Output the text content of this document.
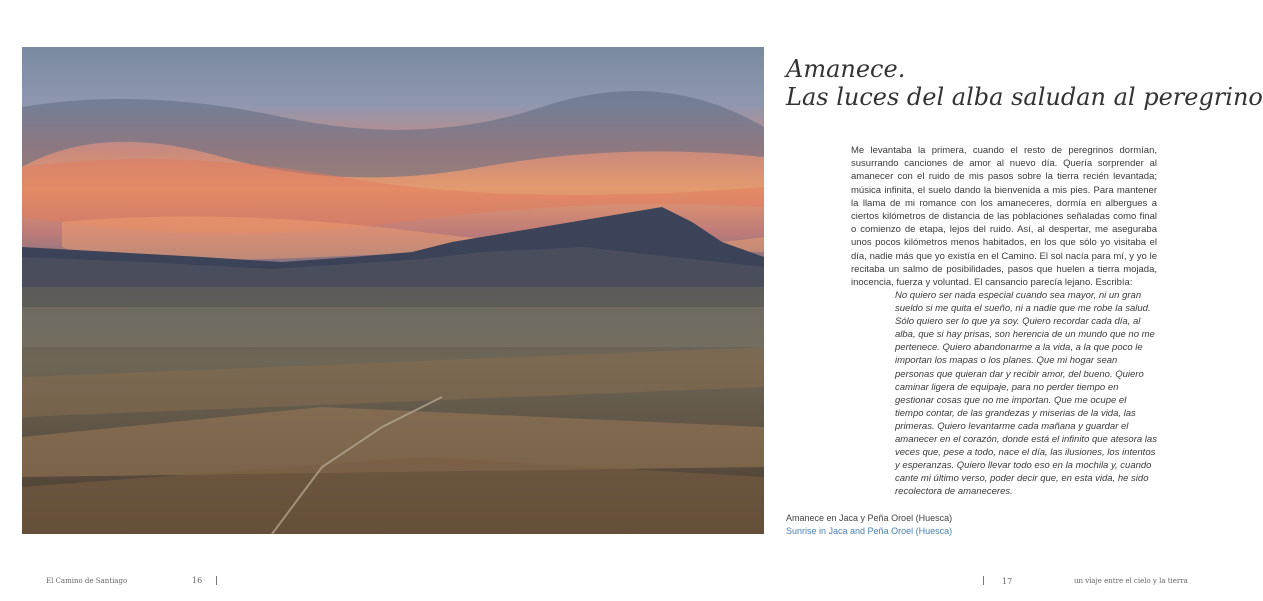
Amanece.
Las luces del alba saludan al peregrino
Me levantaba la primera, cuando el resto de peregrinos dormían, susurrando canciones de amor al nuevo día. Quería sorprender al amanecer con el ruido de mis pasos sobre la tierra recién levantada; música infinita, el suelo dando la bienvenida a mis pies. Para mantener la llama de mi romance con los amaneceres, dormía en albergues a ciertos kilómetros de distancia de las poblaciones señaladas como final o comienzo de etapa, lejos del ruido. Así, al despertar, me aseguraba unos pocos kilómetros menos habitados, en los que sólo yo visitaba el día, nadie más que yo existía en el Camino. El sol nacía para mí, y yo le recitaba un salmo de posibilidades, pasos que huelen a tierra mojada, inocencia, fuerza y voluntad. El cansancio parecía lejano. Escribía:
No quiero ser nada especial cuando sea mayor, ni un gran sueldo si me quita el sueño, ni a nadie que me robe la salud. Sólo quiero ser lo que ya soy. Quiero recordar cada día, al alba, que si hay prisas, son herencia de un mundo que no me pertenece. Quiero abandonarme a la vida, a la que poco le importan los mapas o los planes. Que mi hogar sean personas que quieran dar y recibir amor, del bueno. Quiero caminar ligera de equipaje, para no perder tiempo en gestionar cosas que no me importan. Que me ocupe el tiempo contar, de las grandezas y miserias de la vida, las primeras. Quiero levantarme cada mañana y guardar el amanecer en el corazón, donde está el infinito que atesora las veces que, pese a todo, nace el día, las ilusiones, los intentos y esperanzas. Quiero llevar todo eso en la mochila y, cuando cante mi último verso, poder decir que, en esta vida, he sido recolectora de amaneceres.
Amanece en Jaca y Peña Oroel (Huesca)
Sunrise in Jaca and Peña Oroel (Huesca)
El Camino de Santiago	16	17	un viaje entre el cielo y la tierra
